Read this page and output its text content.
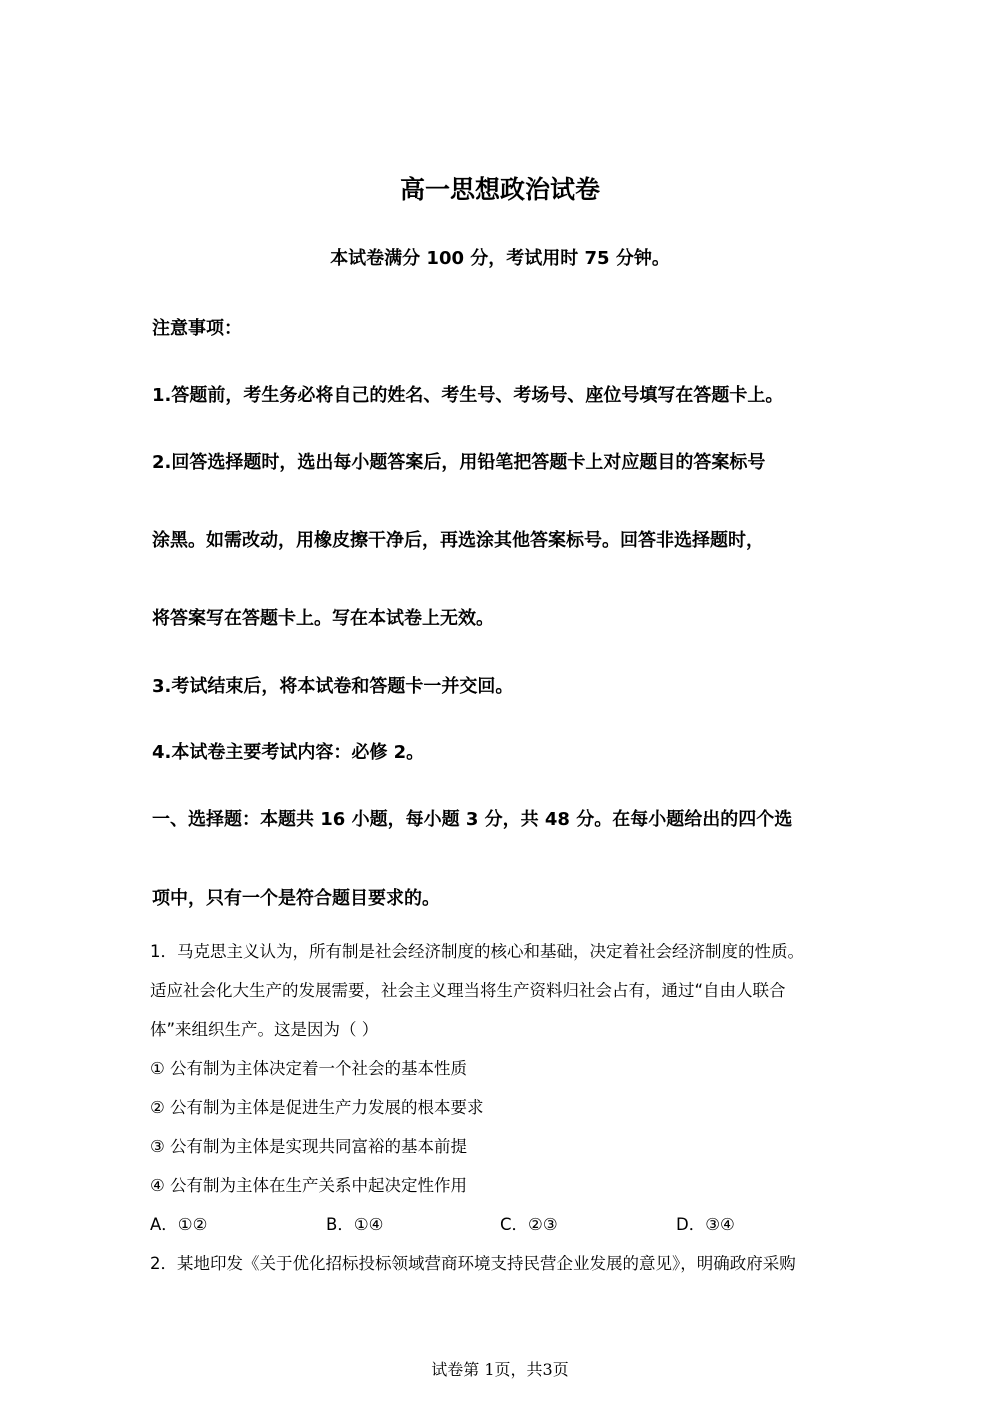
高一思想政治试卷
本试卷满分 100 分，考试用时 75 分钟。
注意事项：
1.答题前，考生务必将自己的姓名、考生号、考场号、座位号填写在答题卡上。
2.回答选择题时，选出每小题答案后，用铅笔把答题卡上对应题目的答案标号
涂黑。如需改动，用橡皮擦干净后，再选涂其他答案标号。回答非选择题时，
将答案写在答题卡上。写在本试卷上无效。
3.考试结束后，将本试卷和答题卡一并交回。
4.本试卷主要考试内容：必修 2。
一、选择题：本题共 16 小题，每小题 3 分，共 48 分。在每小题给出的四个选
项中，只有一个是符合题目要求的。
1．马克思主义认为，所有制是社会经济制度的核心和基础，决定着社会经济制度的性质。
适应社会化大生产的发展需要，社会主义理当将生产资料归社会占有，通过“自由人联合
体”来组织生产。这是因为（ ）
① 公有制为主体决定着一个社会的基本性质
② 公有制为主体是促进生产力发展的根本要求
③ 公有制为主体是实现共同富裕的基本前提
④ 公有制为主体在生产关系中起决定性作用
A．①②	B．①④	C．②③	D．③④
2．某地印发《关于优化招标投标领域营商环境支持民营企业发展的意见》，明确政府采购
试卷第 1页，共3页
